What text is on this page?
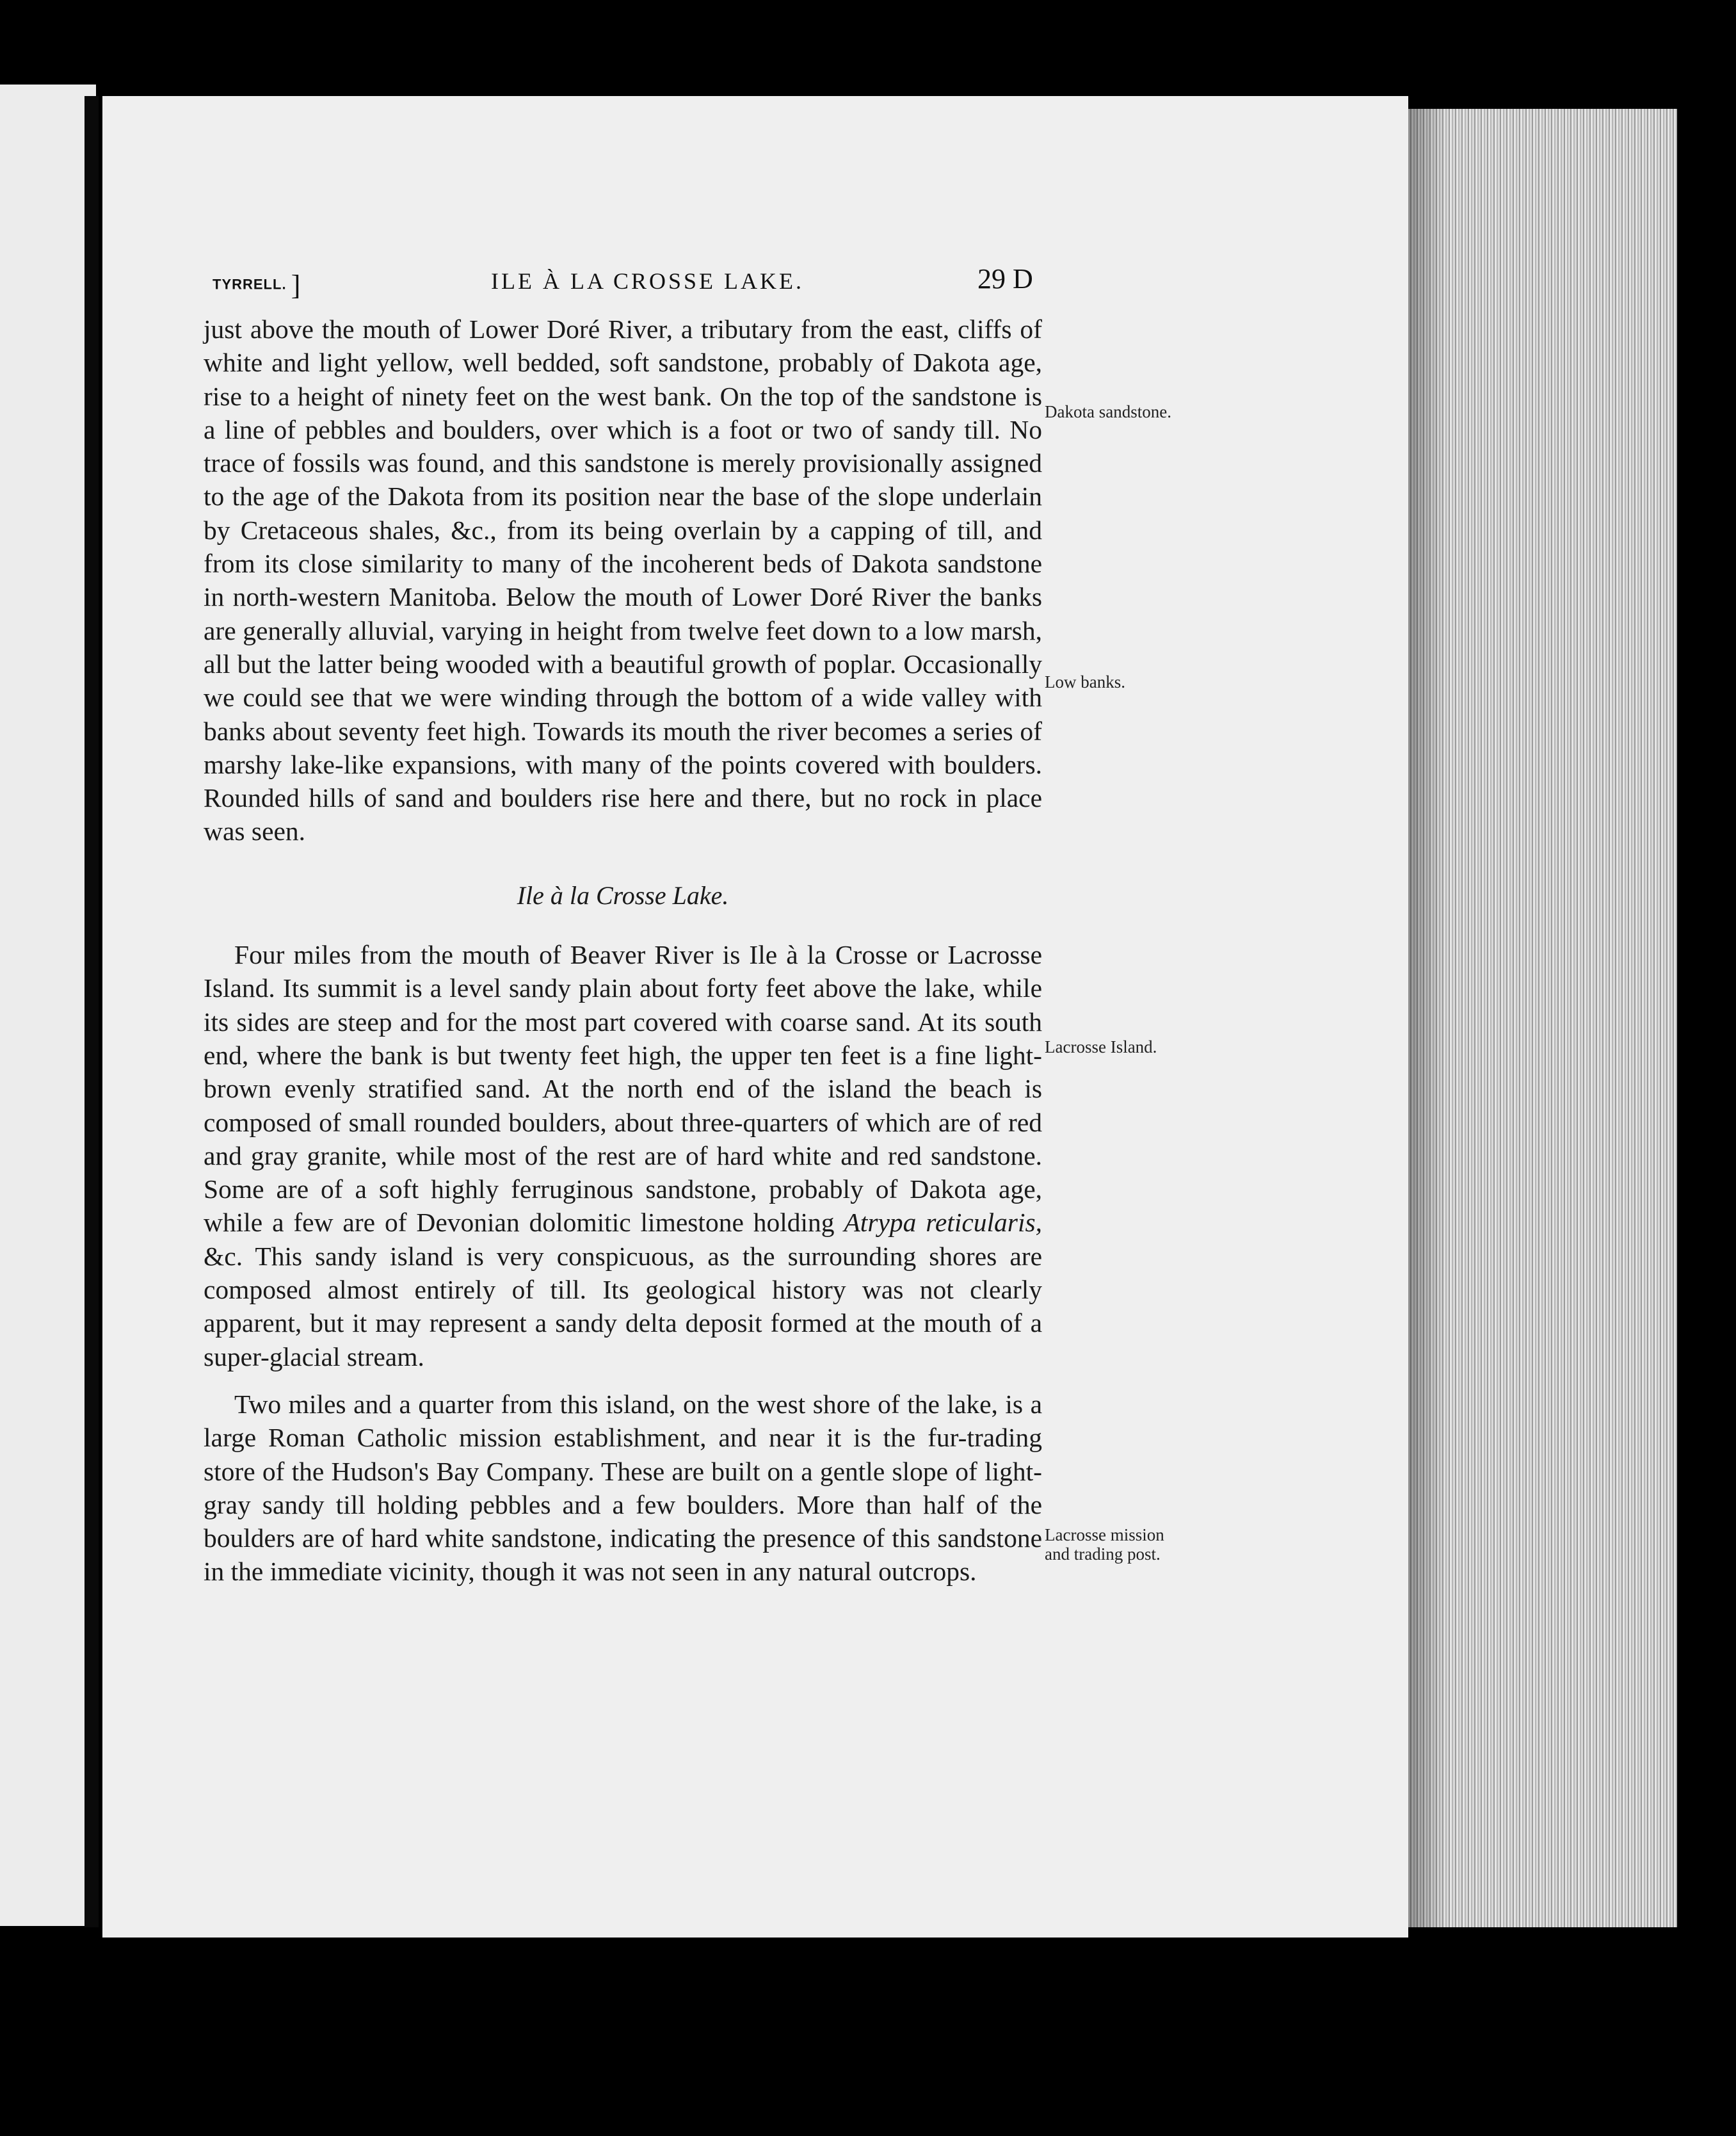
TYRRELL. ]	ILE À LA CROSSE LAKE.	29 D

just above the mouth of Lower Doré River, a tributary from the east, cliffs of white and light yellow, well bedded, soft sandstone, probably of Dakota age, rise to a height of ninety feet on the west bank. On the top of the sandstone is a line of pebbles and boulders, over which is a foot or two of sandy till. No trace of fossils was found, and this sandstone is merely provisionally assigned to the age of the Dakota from its position near the base of the slope underlain by Cretaceous shales, &c., from its being overlain by a capping of till, and from its close similarity to many of the incoherent beds of Dakota sandstone in north-western Manitoba. Below the mouth of Lower Doré River the banks are generally alluvial, varying in height from twelve feet down to a low marsh, all but the latter being wooded with a beautiful growth of poplar. Occasionally we could see that we were winding through the bottom of a wide valley with banks about seventy feet high. Towards its mouth the river becomes a series of marshy lake-like expansions, with many of the points covered with boulders. Rounded hills of sand and boulders rise here and there, but no rock in place was seen.

Ile à la Crosse Lake.

Four miles from the mouth of Beaver River is Ile à la Crosse or Lacrosse Island. Its summit is a level sandy plain about forty feet above the lake, while its sides are steep and for the most part covered with coarse sand. At its south end, where the bank is but twenty feet high, the upper ten feet is a fine light-brown evenly stratified sand. At the north end of the island the beach is composed of small rounded boulders, about three-quarters of which are of red and gray granite, while most of the rest are of hard white and red sandstone. Some are of a soft highly ferruginous sandstone, probably of Dakota age, while a few are of Devonian dolomitic limestone holding Atrypa reticularis, &c. This sandy island is very conspicuous, as the surrounding shores are composed almost entirely of till. Its geological history was not clearly apparent, but it may represent a sandy delta deposit formed at the mouth of a super-glacial stream.

Two miles and a quarter from this island, on the west shore of the lake, is a large Roman Catholic mission establishment, and near it is the fur-trading store of the Hudson's Bay Company. These are built on a gentle slope of light-gray sandy till holding pebbles and a few boulders. More than half of the boulders are of hard white sandstone, indicating the presence of this sandstone in the immediate vicinity, though it was not seen in any natural outcrops.

Dakota sandstone.
Low banks.
Lacrosse Island.
Lacrosse mission and trading post.
